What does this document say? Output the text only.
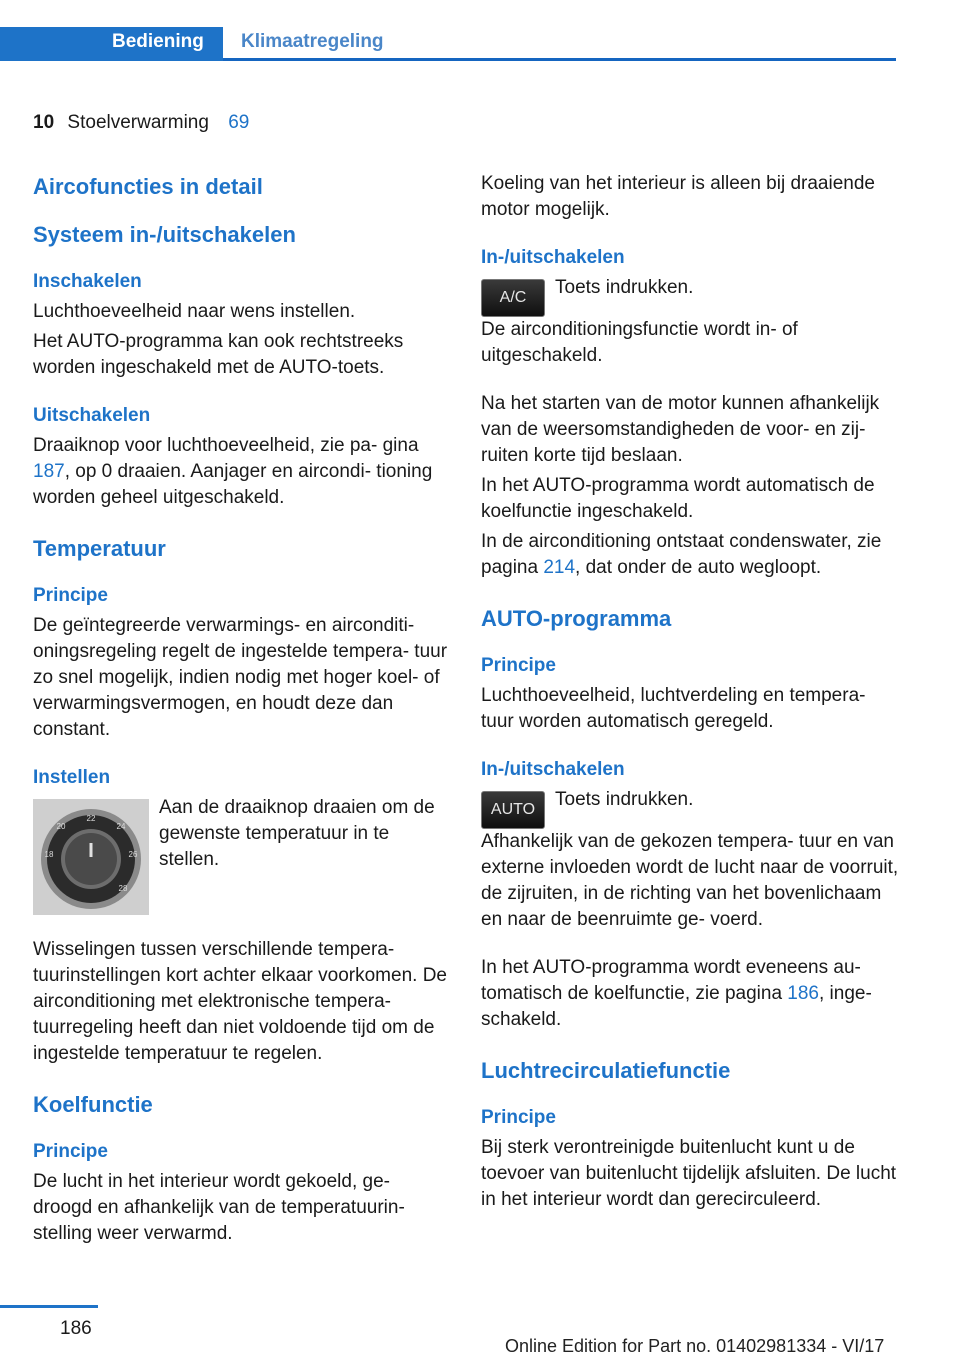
Bediening	Klimaatregeling
10 Stoelverwarming 69
Aircofuncties in detail
Systeem in-/uitschakelen
Inschakelen
Luchthoeveelheid naar wens instellen.
Het AUTO-programma kan ook rechtstreeks worden ingeschakeld met de AUTO-toets.
Uitschakelen
Draaiknop voor luchthoeveelheid, zie pa‐ gina 187, op 0 draaien. Aanjager en aircondi‐ tioning worden geheel uitgeschakeld.
Temperatuur
Principe
De geïntegreerde verwarmings- en airconditi‐ oningsregeling regelt de ingestelde tempera‐ tuur zo snel mogelijk, indien nodig met hoger koel- of verwarmingsvermogen, en houdt deze dan constant.
Instellen
22
20	24
18	26
28
Aan de draaiknop draaien om de gewenste temperatuur in te stellen.
Wisselingen tussen verschillende tempera‐ tuurinstellingen kort achter elkaar voorkomen. De airconditioning met elektronische tempera‐ tuurregeling heeft dan niet voldoende tijd om de ingestelde temperatuur te regelen.
Koelfunctie
Principe
De lucht in het interieur wordt gekoeld, ge‐ droogd en afhankelijk van de temperatuurin‐ stelling weer verwarmd.
Koeling van het interieur is alleen bij draaiende motor mogelijk.
In-/uitschakelen
A/C	Toets indrukken.
De airconditioningsfunctie wordt in- of uitgeschakeld.
Na het starten van de motor kunnen afhankelijk van de weersomstandigheden de voor- en zij‐ ruiten korte tijd beslaan.
In het AUTO-programma wordt automatisch de koelfunctie ingeschakeld.
In de airconditioning ontstaat condenswater, zie pagina 214, dat onder de auto wegloopt.
AUTO-programma
Principe
Luchthoeveelheid, luchtverdeling en tempera‐ tuur worden automatisch geregeld.
In-/uitschakelen
AUTO	Toets indrukken.
Afhankelijk van de gekozen tempera‐ tuur en van externe invloeden wordt de lucht naar de voorruit, de zijruiten, in de richting van het bovenlichaam en naar de beenruimte ge‐ voerd.
In het AUTO-programma wordt eveneens au‐ tomatisch de koelfunctie, zie pagina 186, inge‐ schakeld.
Luchtrecirculatiefunctie
Principe
Bij sterk verontreinigde buitenlucht kunt u de toevoer van buitenlucht tijdelijk afsluiten. De lucht in het interieur wordt dan gerecirculeerd.
186
Online Edition for Part no. 01402981334 - VI/17
